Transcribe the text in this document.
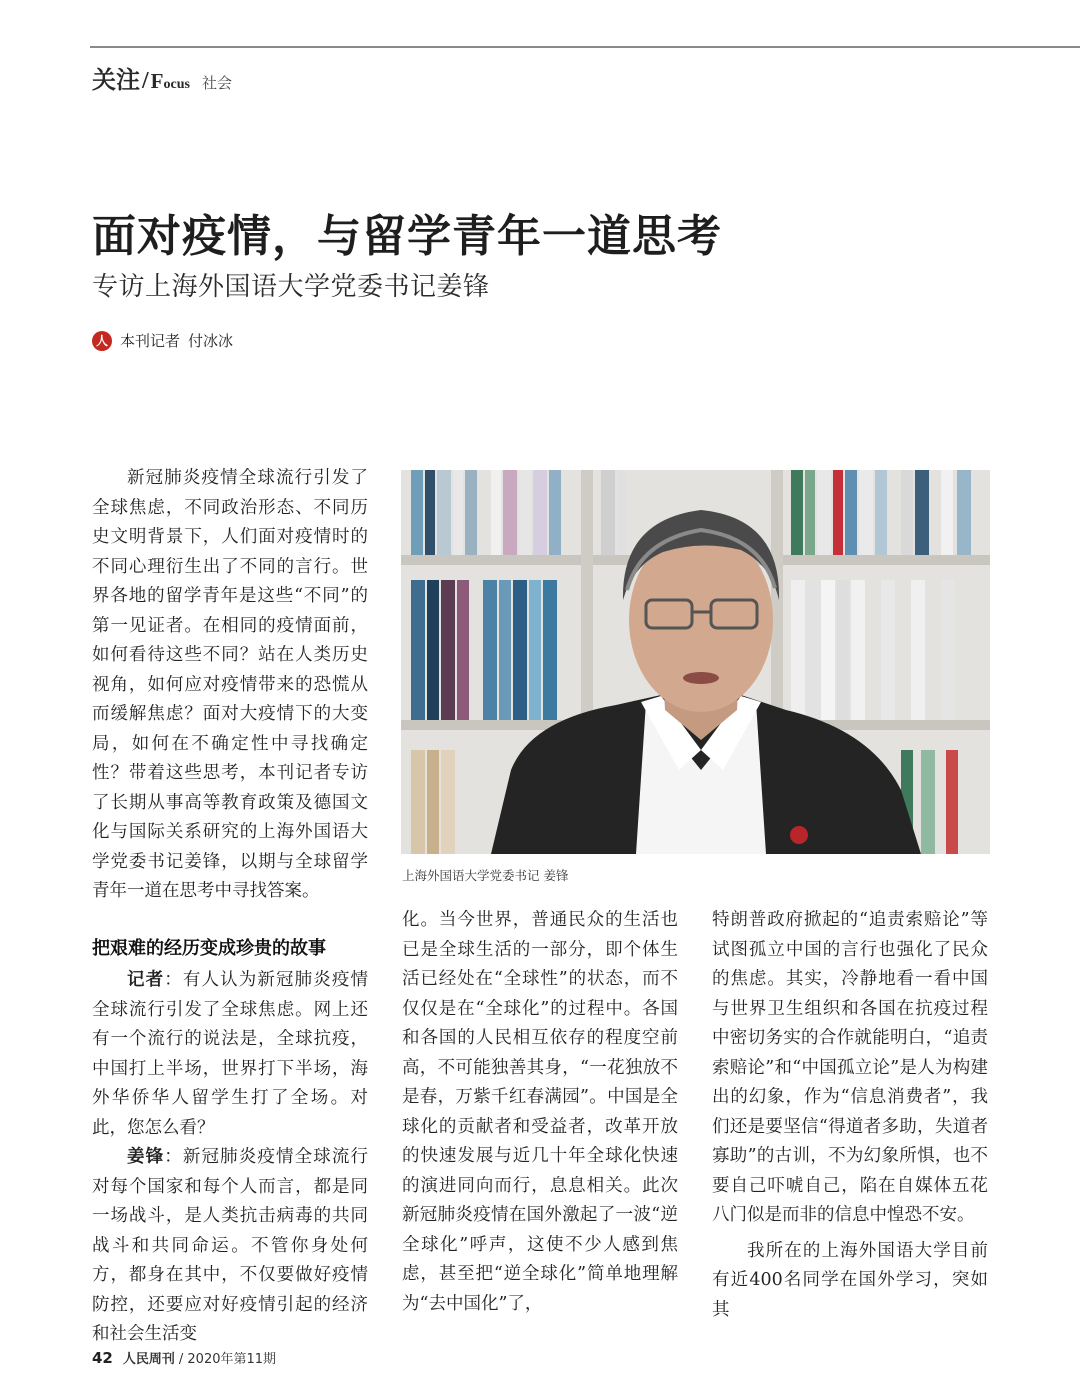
关注 / Focus 社会
面对疫情，与留学青年一道思考
专访上海外国语大学党委书记姜锋
人 本刊记者 付冰冰

新冠肺炎疫情全球流行引发了全球焦虑，不同政治形态、不同历史文明背景下，人们面对疫情时的不同心理衍生出了不同的言行。世界各地的留学青年是这些“不同”的第一见证者。在相同的疫情面前，如何看待这些不同？站在人类历史视角，如何应对疫情带来的恐慌从而缓解焦虑？面对大疫情下的大变局，如何在不确定性中寻找确定性？带着这些思考，本刊记者专访了长期从事高等教育政策及德国文化与国际关系研究的上海外国语大学党委书记姜锋，以期与全球留学青年一道在思考中寻找答案。

上海外国语大学党委书记 姜锋
把艰难的经历变成珍贵的故事

记者：有人认为新冠肺炎疫情全球流行引发了全球焦虑。网上还有一个流行的说法是，全球抗疫，中国打上半场，世界打下半场，海外华侨华人留学生打了全场。对此，您怎么看？

姜锋：新冠肺炎疫情全球流行对每个国家和每个人而言，都是同一场战斗，是人类抗击病毒的共同战斗和共同命运。不管你身处何方，都身在其中，不仅要做好疫情防控，还要应对好疫情引起的经济和社会生活变

化。当今世界，普通民众的生活也已是全球生活的一部分，即个体生活已经处在“全球性”的状态，而不仅仅是在“全球化”的过程中。各国和各国的人民相互依存的程度空前高，不可能独善其身，“一花独放不是春，万紫千红春满园”。中国是全球化的贡献者和受益者，改革开放的快速发展与近几十年全球化快速的演进同向而行，息息相关。此次新冠肺炎疫情在国外激起了一波“逆全球化”呼声，这使不少人感到焦虑，甚至把“逆全球化”简单地理解为“去中国化”了，

特朗普政府掀起的“追责索赔论”等试图孤立中国的言行也强化了民众的焦虑。其实，冷静地看一看中国与世界卫生组织和各国在抗疫过程中密切务实的合作就能明白，“追责索赔论”和“中国孤立论”是人为构建出的幻象，作为“信息消费者”，我们还是要坚信“得道者多助，失道者寡助”的古训，不为幻象所惧，也不要自己吓唬自己，陷在自媒体五花八门似是而非的信息中惶恐不安。

我所在的上海外国语大学目前有近400名同学在国外学习，突如其

42 人民周刊 / 2020年第11期
